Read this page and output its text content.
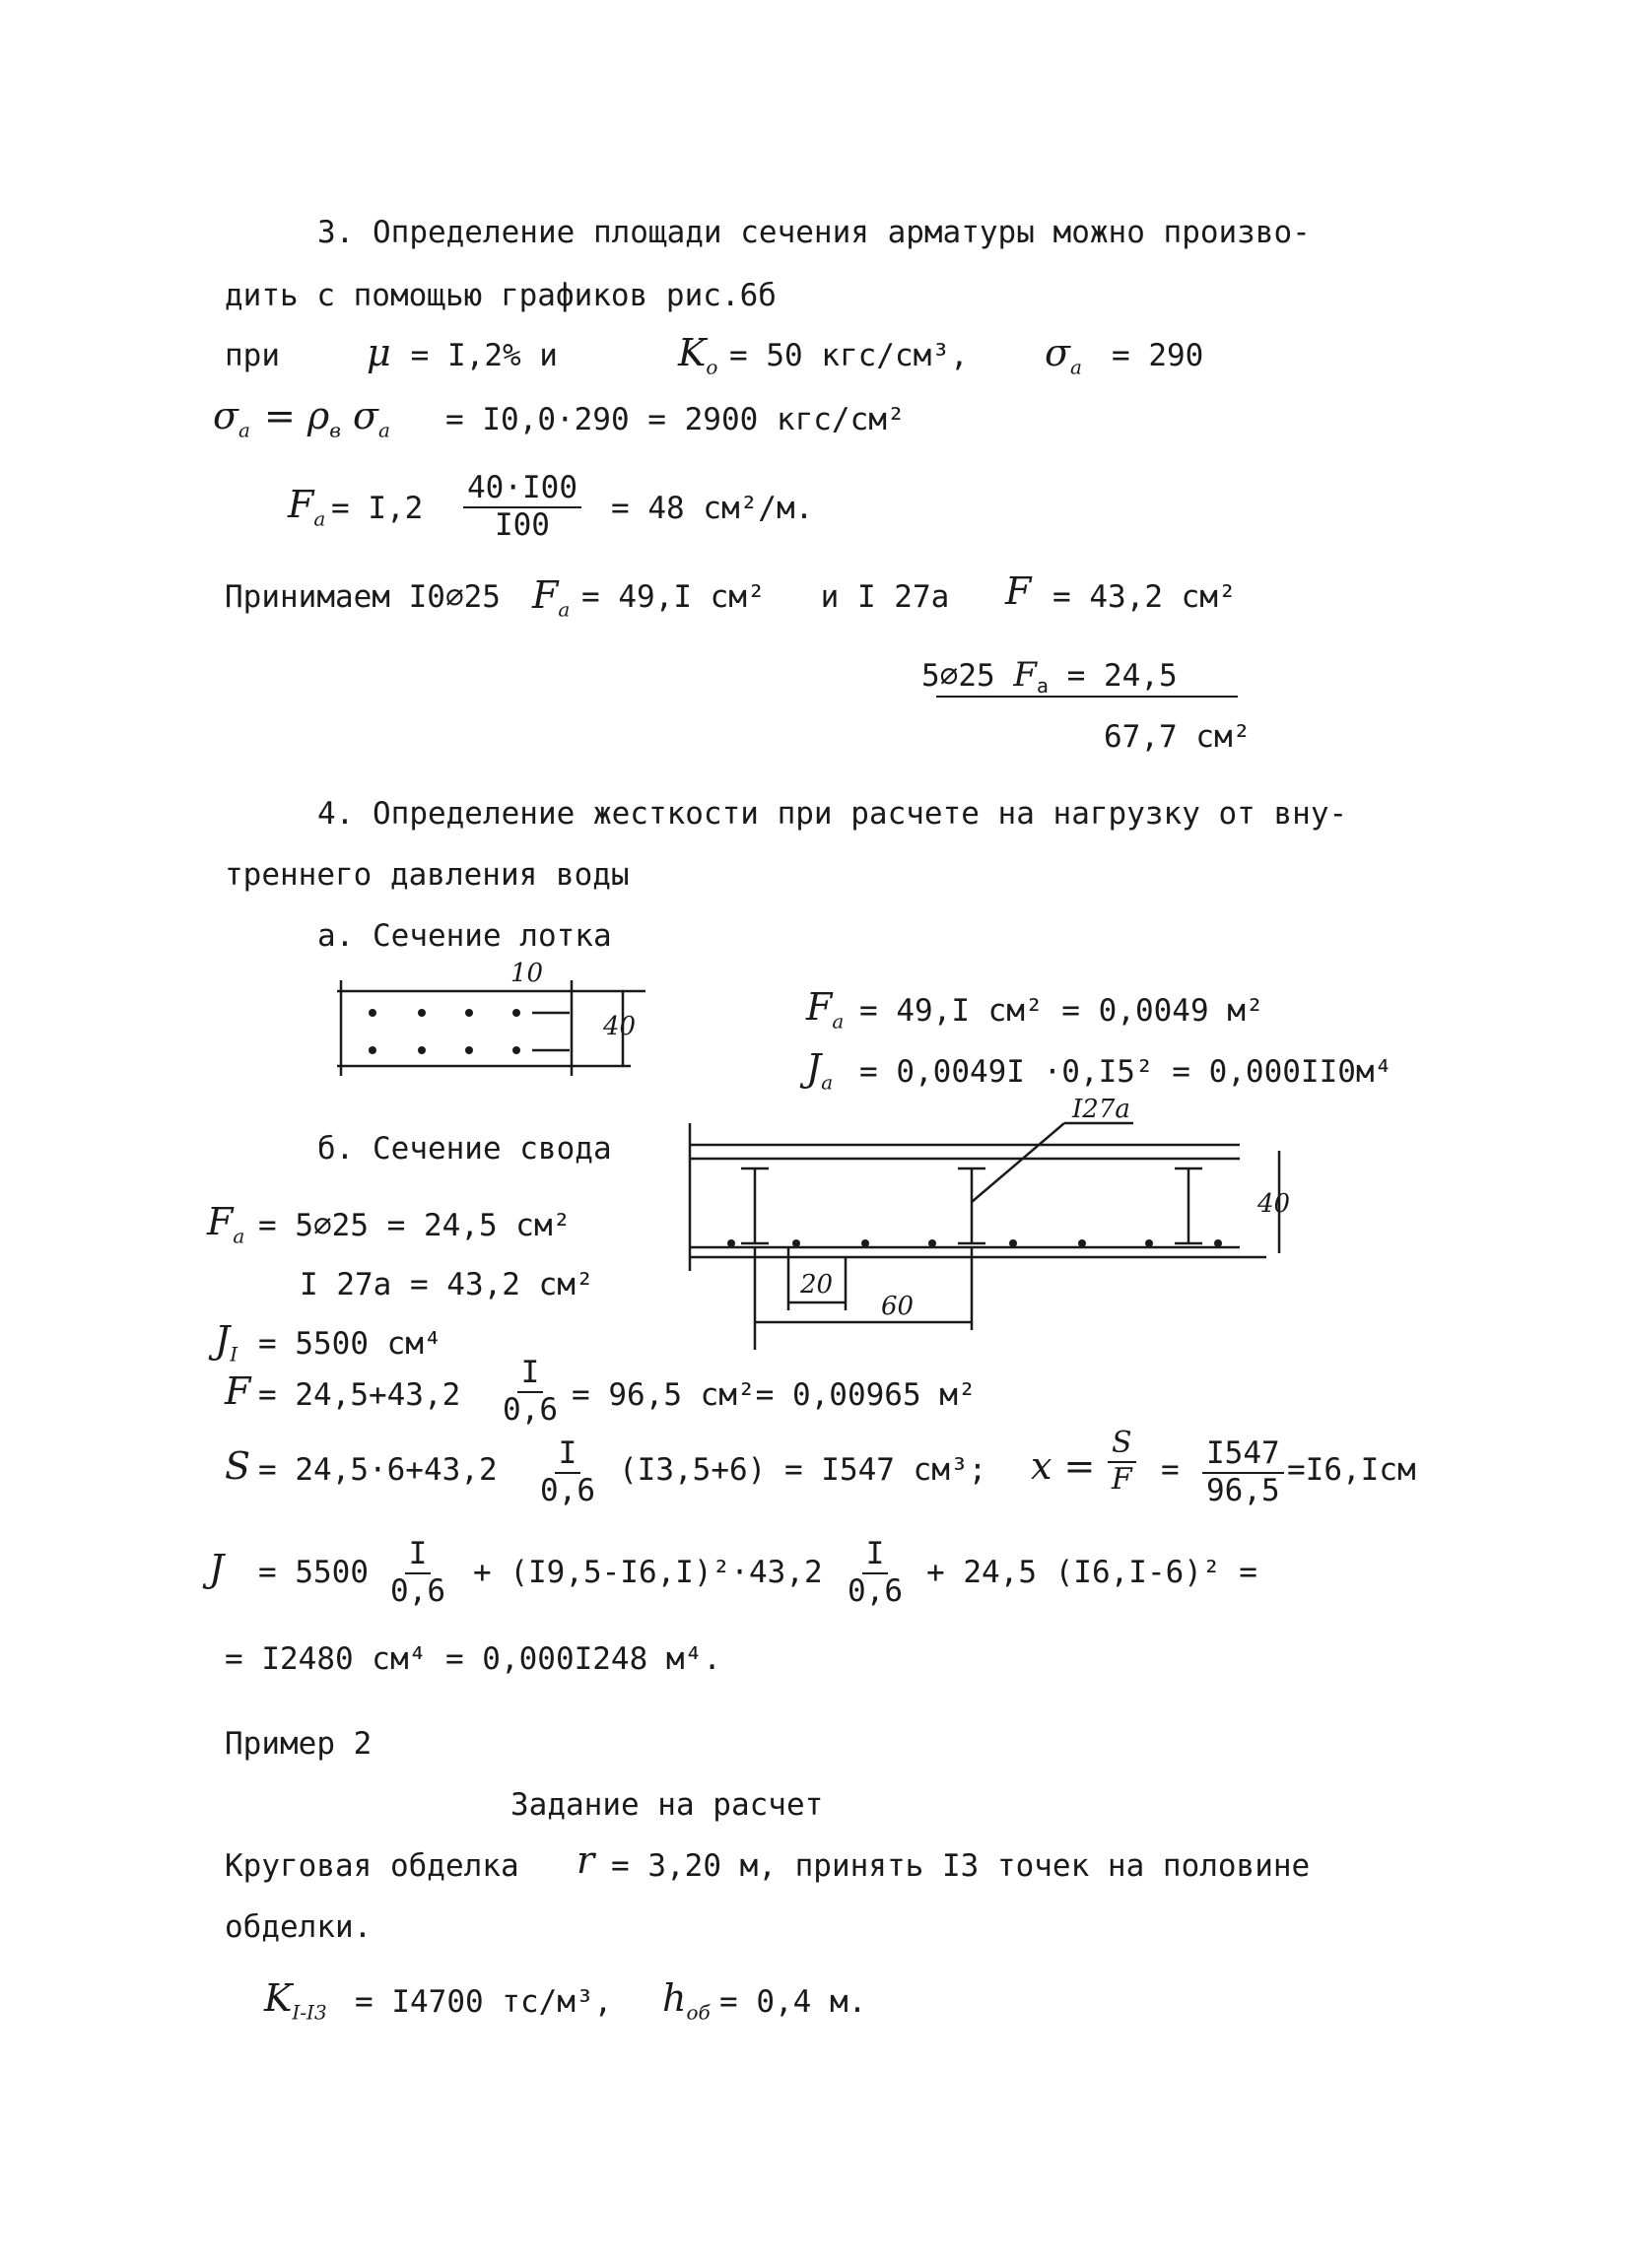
3. Определение площади сечения арматуры можно произво-
дить с помощью графиков рис.6б
при μ = I,2% и	$K_o = 50$ кгс/см³, $\sigma_a = 290$
$\sigma_a = \rho_в$ $\sigma_a = I0,0\cdot 290 = 2900$ кгс/см²
$F_a = I,2 \frac{40\cdot I00}{I00} = 48$ см²/м.
Принимаем I0⌀25 $F_a = 49,I$ см²   и I 27а F = 43,2 см²
5⌀25 $F_a = 24,5$
67,7 см²
4. Определение жесткости при расчете на нагрузку от вну-
треннего давления воды
а. Сечение лотка
$F_a = 49,I$ см² = 0,0049 м²
$J_a = 0,0049I \cdot 0,I5^2 = 0,000II0м^4$
40
10
б. Сечение свода
I27а
40
20
60
$F_a$ = 5⌀25 = 24,5 см²
I 27а = 43,2 см²
$J_I = 5500$ см⁴
$F = 24,5+43,2 \frac{I}{0,6} = 96,5$ см²= 0,00965 м²
$S = 24,5\cdot 6+43,2 \frac{I}{0,6} (I3,5+6) = I547$ см³; $x = \frac{S}{F} = \frac{I547}{96,5} =I6,Iсм$
$J = 5500 \frac{I}{0,6} + (I9,5-I6,I)^2\cdot 43,2 \frac{I}{0,6} + 24,5$ (I6,I-6)² =
= I2480 см⁴ = 0,000I248 м⁴.
Пример 2
Задание на расчет
Круговая обделка r = 3,20 м, принять I3 точек на половине
обделки.
$K_{I-I3} = I4700$ тс/м³, $h_{об} = 0,4$ м.
